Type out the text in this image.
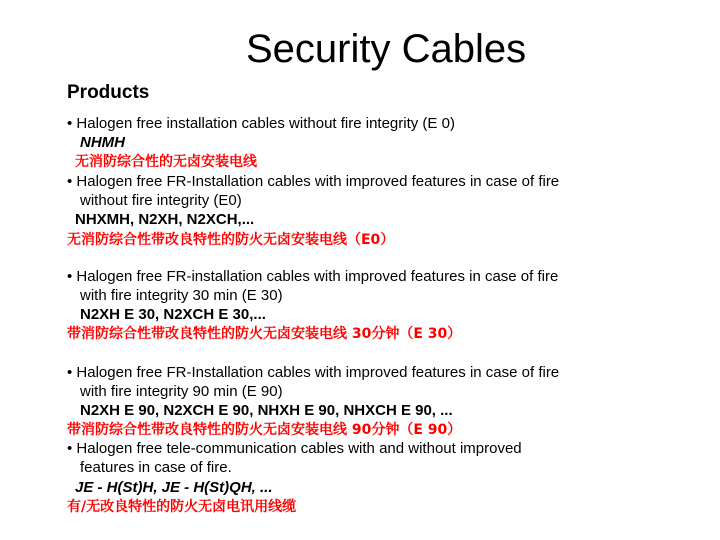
Security Cables
Products
• Halogen free installation cables without fire integrity (E 0)
NHMH
无消防综合性的无卤安装电线
• Halogen free FR-Installation cables with improved features in case of fire
without fire integrity (E0)
NHXMH, N2XH, N2XCH,...
无消防综合性带改良特性的防火无卤安装电线（E0）
• Halogen free FR-installation cables with improved features in case of fire
with fire integrity 30 min (E 30)
N2XH E 30, N2XCH E 30,...
带消防综合性带改良特性的防火无卤安装电线 30分钟（E 30）
• Halogen free FR-Installation cables with improved features in case of fire
with fire integrity 90 min (E 90)
N2XH E 90, N2XCH E 90, NHXH E 90, NHXCH E 90, ...
带消防综合性带改良特性的防火无卤安装电线 90分钟（E 90）
• Halogen free tele-communication cables with and without improved
features in case of fire.
JE - H(St)H, JE - H(St)QH, ...
有/无改良特性的防火无卤电讯用线缆
